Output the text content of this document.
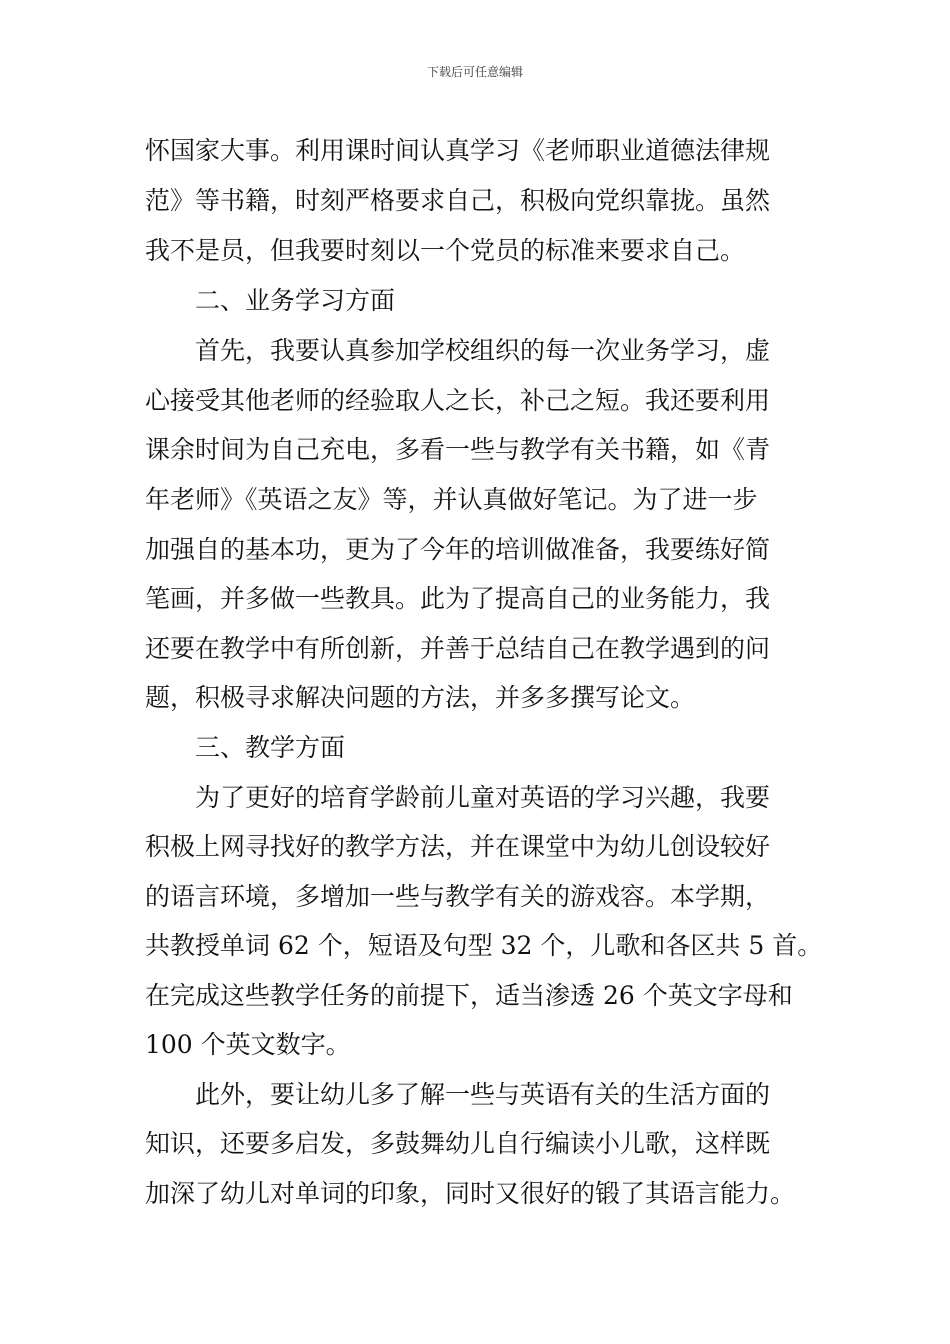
下载后可任意编辑
怀国家大事。利用课时间认真学习《老师职业道德法律规
范》等书籍，时刻严格要求自己，积极向党织靠拢。虽然
我不是员，但我要时刻以一个党员的标准来要求自己。
　　二、业务学习方面
　　首先，我要认真参加学校组织的每一次业务学习，虚
心接受其他老师的经验取人之长，补己之短。我还要利用
课余时间为自己充电，多看一些与教学有关书籍，如《青
年老师》《英语之友》等，并认真做好笔记。为了进一步
加强自的基本功，更为了今年的培训做准备，我要练好简
笔画，并多做一些教具。此为了提高自己的业务能力，我
还要在教学中有所创新，并善于总结自己在教学遇到的问
题，积极寻求解决问题的方法，并多多撰写论文。
　　三、教学方面
　　为了更好的培育学龄前儿童对英语的学习兴趣，我要
积极上网寻找好的教学方法，并在课堂中为幼儿创设较好
的语言环境，多增加一些与教学有关的游戏容。本学期，
共教授单词 62 个，短语及句型 32 个，儿歌和各区共 5 首。
在完成这些教学任务的前提下，适当渗透 26 个英文字母和
100 个英文数字。
　　此外，要让幼儿多了解一些与英语有关的生活方面的
知识，还要多启发，多鼓舞幼儿自行编读小儿歌，这样既
加深了幼儿对单词的印象，同时又很好的锻了其语言能力。
